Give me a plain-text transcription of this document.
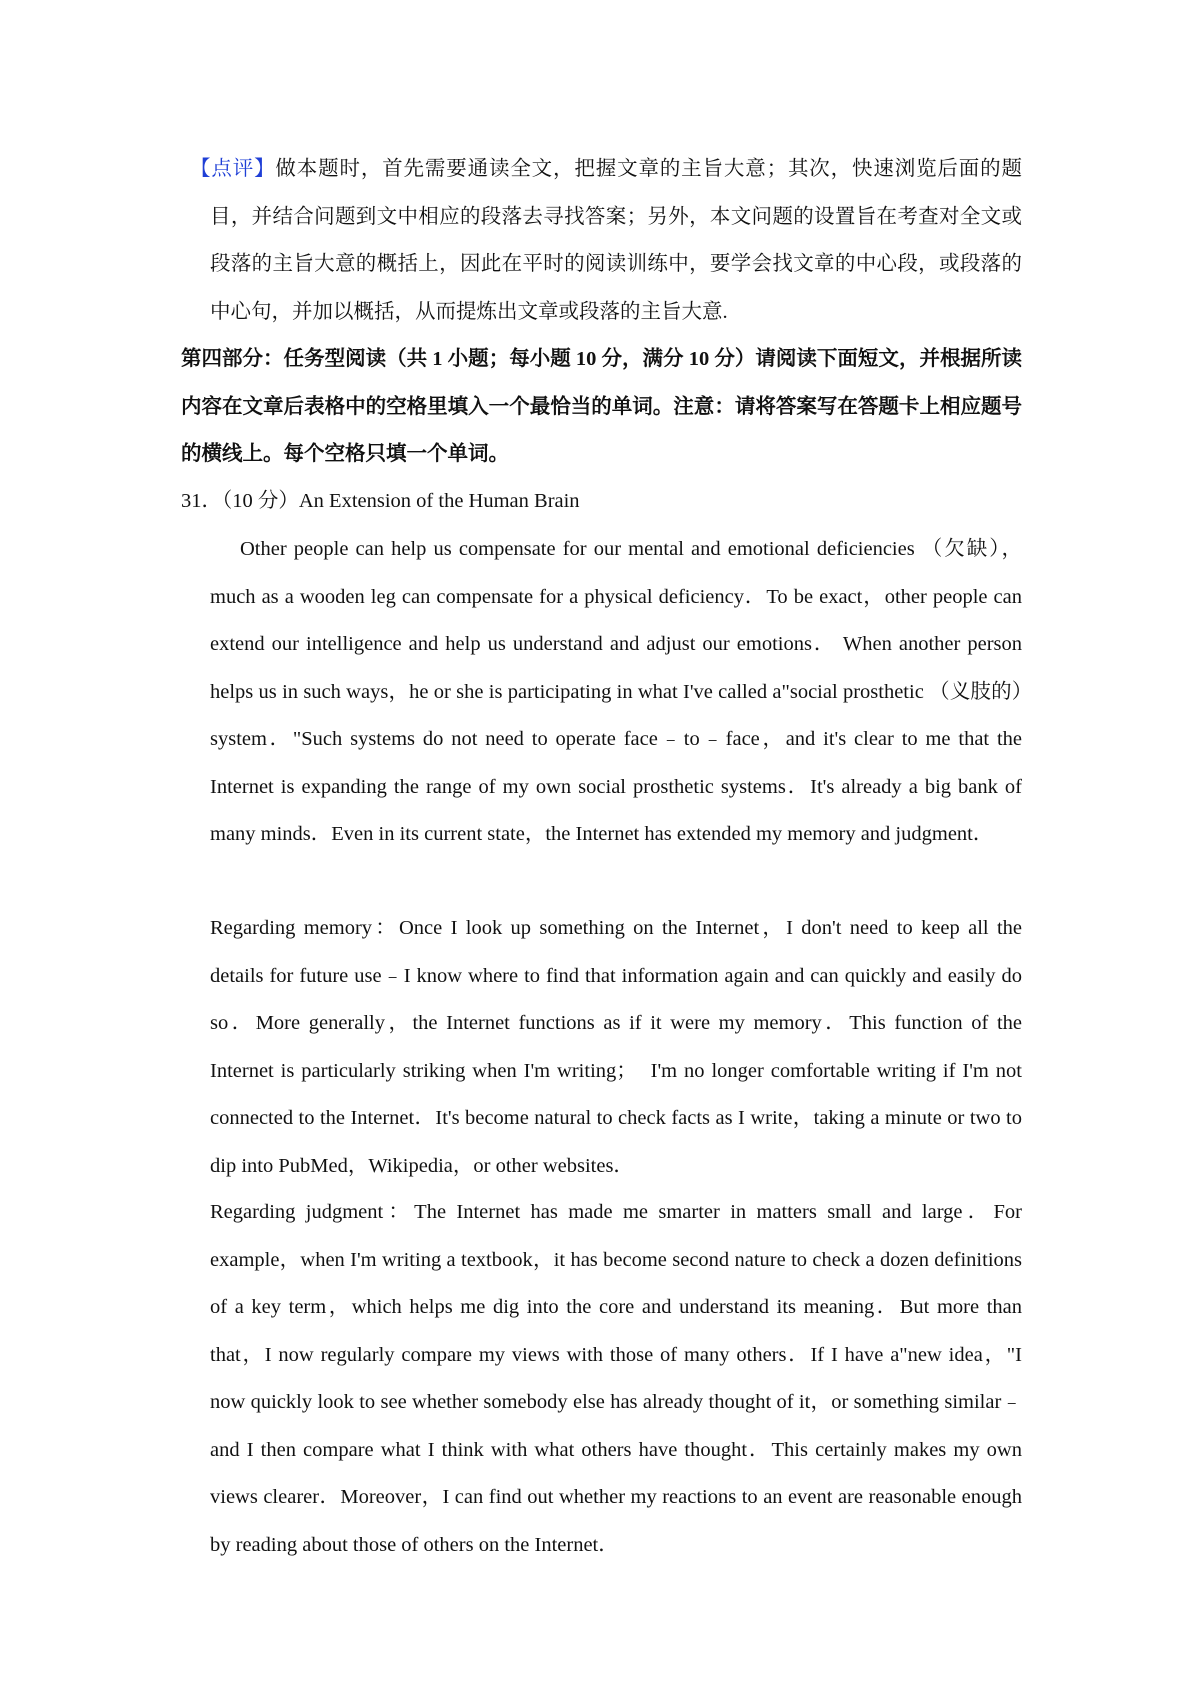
【点评】做本题时，首先需要通读全文，把握文章的主旨大意；其次，快速浏览后面的题目，并结合问题到文中相应的段落去寻找答案；另外，本文问题的设置旨在考查对全文或段落的主旨大意的概括上，因此在平时的阅读训练中，要学会找文章的中心段，或段落的中心句，并加以概括，从而提炼出文章或段落的主旨大意.

第四部分：任务型阅读（共 1 小题；每小题 10 分，满分 10 分）请阅读下面短文，并根据所读内容在文章后表格中的空格里填入一个最恰当的单词。注意：请将答案写在答题卡上相应题号的横线上。每个空格只填一个单词。

31．（10 分）An Extension of the Human Brain

Other people can help us compensate for our mental and emotional deficiencies （欠缺），much as a wooden leg can compensate for a physical deficiency．To be exact，other people can extend our intelligence and help us understand and adjust our emotions． When another person helps us in such ways，he or she is participating in what I've called a"social prosthetic （义肢的）system．"Such systems do not need to operate face﹣to﹣face，and it's clear to me that the Internet is expanding the range of my own social prosthetic systems．It's already a big bank of many minds．Even in its current state，the Internet has extended my memory and judgment．

Regarding memory：Once I look up something on the Internet，I don't need to keep all the details for future use﹣I know where to find that information again and can quickly and easily do so．More generally，the Internet functions as if it were my memory．This function of the Internet is particularly striking when I'm writing；　I'm no longer comfortable writing if I'm not connected to the Internet．It's become natural to check facts as I write，taking a minute or two to dip into PubMed，Wikipedia，or other websites．

Regarding judgment：The Internet has made me smarter in matters small and large．For example，when I'm writing a textbook，it has become second nature to check a dozen definitions of a key term，which helps me dig into the core and understand its meaning．But more than that，I now regularly compare my views with those of many others．If I have a"new idea，"I now quickly look to see whether somebody else has already thought of it，or something similar﹣and I then compare what I think with what others have thought．This certainly makes my own views clearer．Moreover，I can find out whether my reactions to an event are reasonable enough by reading about those of others on the Internet．
